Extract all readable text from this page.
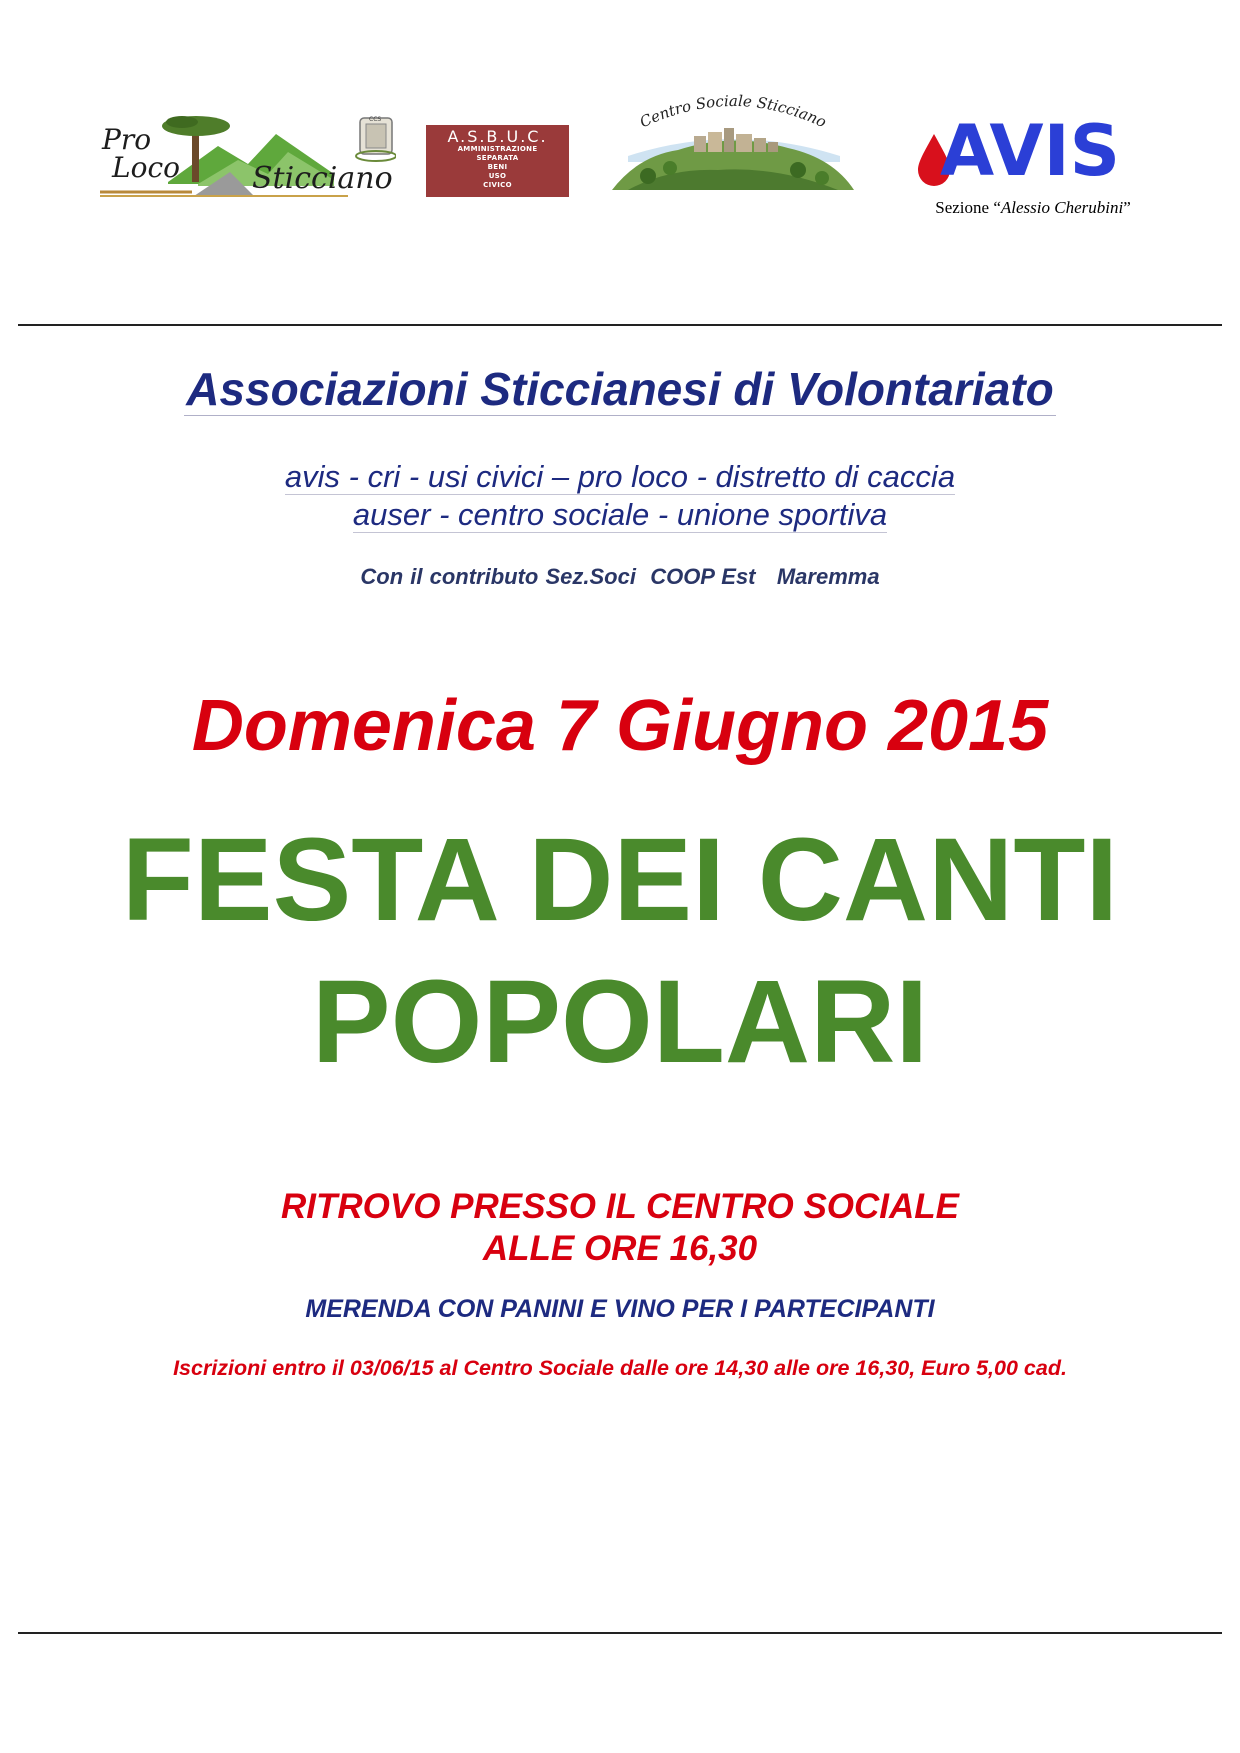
CCS
Pro
Loco Sticciano
A.S.B.U.C.
AMMINISTRAZIONE
SEPARATA
BENI
USO
CIVICO
Centro Sociale Sticciano AVIS
Sezione “Alessio Cherubini”
Associazioni Sticcianesi di Volontariato
avis - cri - usi civici – pro loco - distretto di caccia
auser - centro sociale - unione sportiva
Con il contributo Sez.Soci  COOP Est   Maremma
Domenica 7 Giugno 2015
FESTA DEI CANTI
POPOLARI
RITROVO PRESSO IL CENTRO SOCIALE
ALLE ORE 16,30
MERENDA CON PANINI E VINO PER I PARTECIPANTI
Iscrizioni entro il 03/06/15 al Centro Sociale dalle ore 14,30 alle ore 16,30, Euro 5,00 cad.
